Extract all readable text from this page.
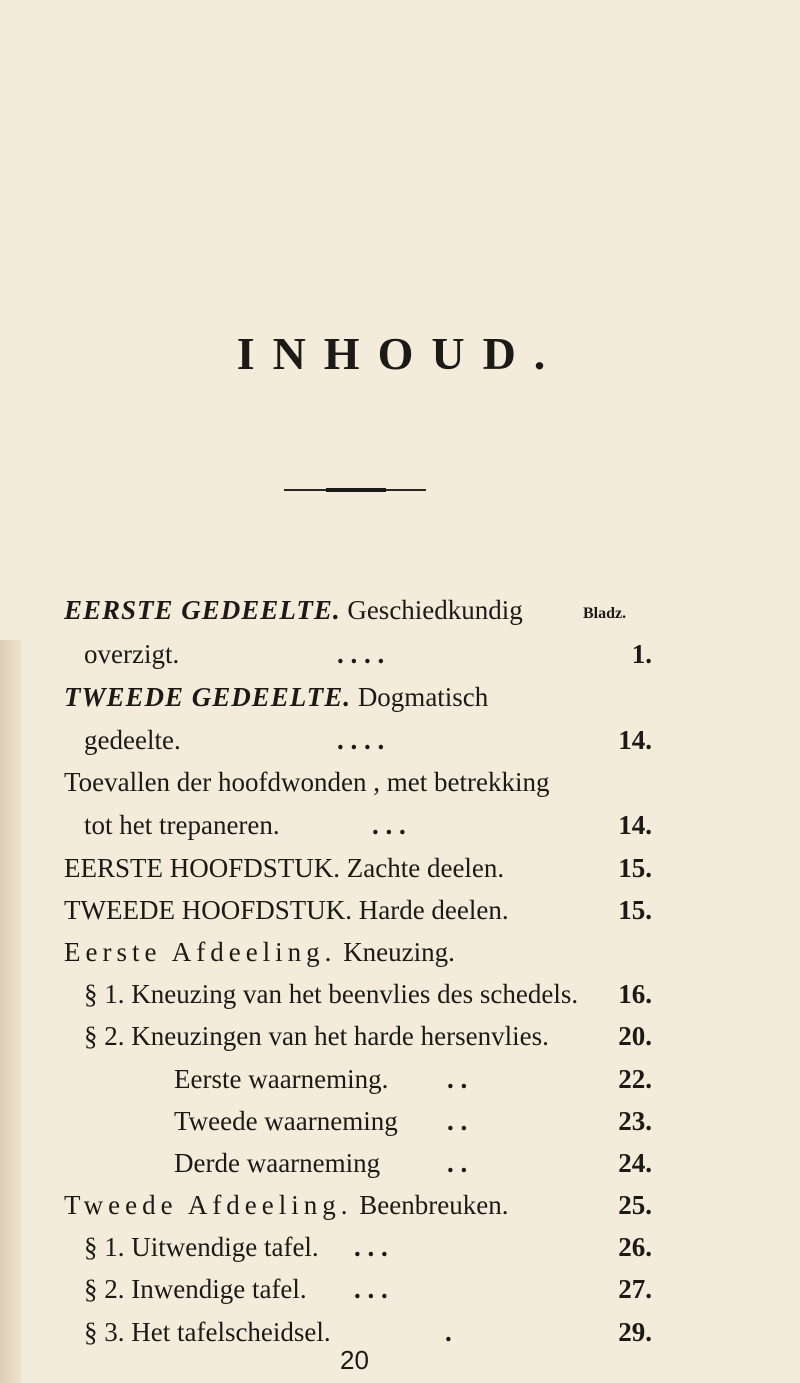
INHOUD.
Bladz.
EERSTE GEDEELTE. Geschiedkundig
overzigt.	. . . .	1.
TWEEDE GEDEELTE. Dogmatisch
gedeelte.	. . . .	14.
Toevallen der hoofdwonden , met betrekking
tot het trepaneren.	. . .	14.
EERSTE HOOFDSTUK. Zachte deelen.	15.
TWEEDE HOOFDSTUK. Harde deelen.	15.
Eerste Afdeeling. Kneuzing.
§ 1. Kneuzing van het beenvlies des schedels.	16.
§ 2. Kneuzingen van het harde hersenvlies.	20.
Eerste waarneming. . .	22.
Tweede waarneming . .	23.
Derde waarneming . .	24.
Tweede Afdeeling. Beenbreuken.	25.
§ 1. Uitwendige tafel. . . .	26.
§ 2. Inwendige tafel. . . .	27.
§ 3. Het tafelscheidsel.	.	29.
20
